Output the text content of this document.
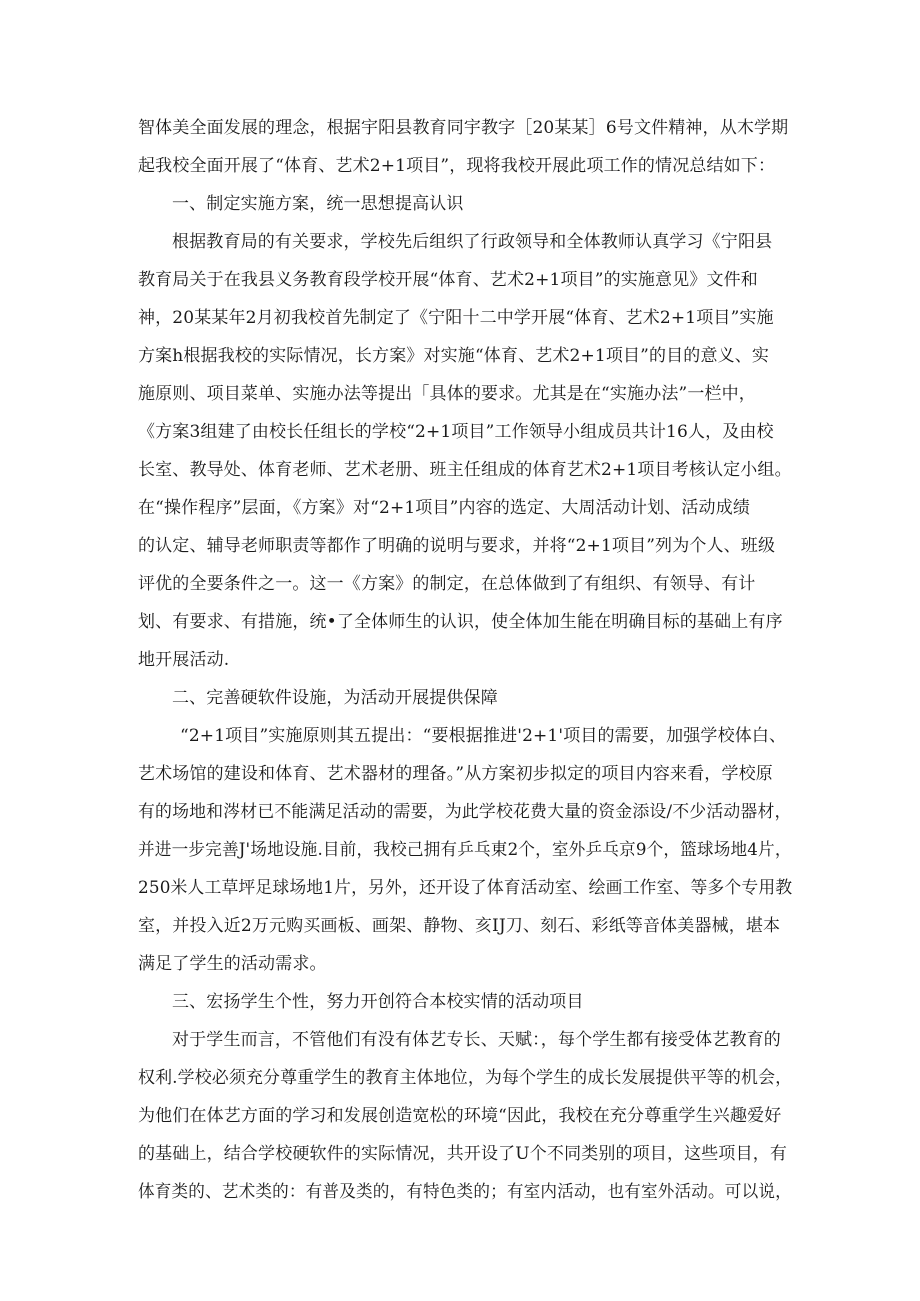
智体美全面发展的理念，根据宇阳县教育同宇教字［20某某］6号文件精神，从木学期
起我校全面开展了“体育、艺术2+1项目”，现将我校开展此项工作的情况总结如下：
一、制定实施方案，统一思想提高认识
根据教育局的有关要求，学校先后组织了行政领导和全体教师认真学习《宁阳县
教育局关于在我县义务教育段学校开展“体育、艺术2+1项目”的实施意见》文件和
神，20某某年2月初我校首先制定了《宁阳十二中学开展“体育、艺术2+1项目”实施
方案h根据我校的实际情况，长方案》对实施“体育、艺术2+1项目”的目的意义、实
施原则、项目菜单、实施办法等提出「具体的要求。尤其是在“实施办法”一栏中，
《方案3组建了由校长任组长的学校“2+1项目”工作领导小组成员共计16人，及由校
长室、教导处、体育老师、艺术老册、班主任组成的体育艺术2+1项目考核认定小组。
在“操作程序”层面，《方案》对“2+1项目”内容的选定、大周活动计划、活动成绩
的认定、辅导老师职责等都作了明确的说明与要求，并将“2+1项目”列为个人、班级
评优的全要条件之一。这一《方案》的制定，在总体做到了有组织、有领导、有计
划、有要求、有措施，统•了全体师生的认识，使全体加生能在明确目标的基础上有序
地开展活动.
二、完善硬软件设施，为活动开展提供保障
“2+1项目”实施原则其五提出：“要根据推进'2+1'项目的需要，加强学校体白、
艺术场馆的建设和体育、艺术器材的理备。”从方案初步拟定的项目内容来看，学校原
有的场地和涔材已不能满足活动的需要，为此学校花费大量的资金添设/不少活动器材，
并进一步完善J'场地设施.目前，我校己拥有乒乓東2个，室外乒乓京9个，篮球场地4片，
250米人工草坪足球场地1片，另外，还开设了体育活动室、绘画工作室、等多个专用教
室，并投入近2万元购买画板、画架、静物、亥IJ刀、刻石、彩纸等音体美器械，堪本
满足了学生的活动需求。
三、宏扬学生个性，努力开创符合本校实情的活动项目
对于学生而言，不管他们有没有体艺专长、天赋：，每个学生都有接受体艺教育的
权利.学校必须充分尊重学生的教育主体地位，为每个学生的成长发展提供平等的机会，
为他们在体艺方面的学习和发展创造宽松的环境“因此，我校在充分尊重学生兴趣爱好
的基础上，结合学校硬软件的实际情况，共开设了U个不同类别的项目，这些项目，有
体育类的、艺术类的：有普及类的，有特色类的；有室内活动，也有室外活动。可以说，
